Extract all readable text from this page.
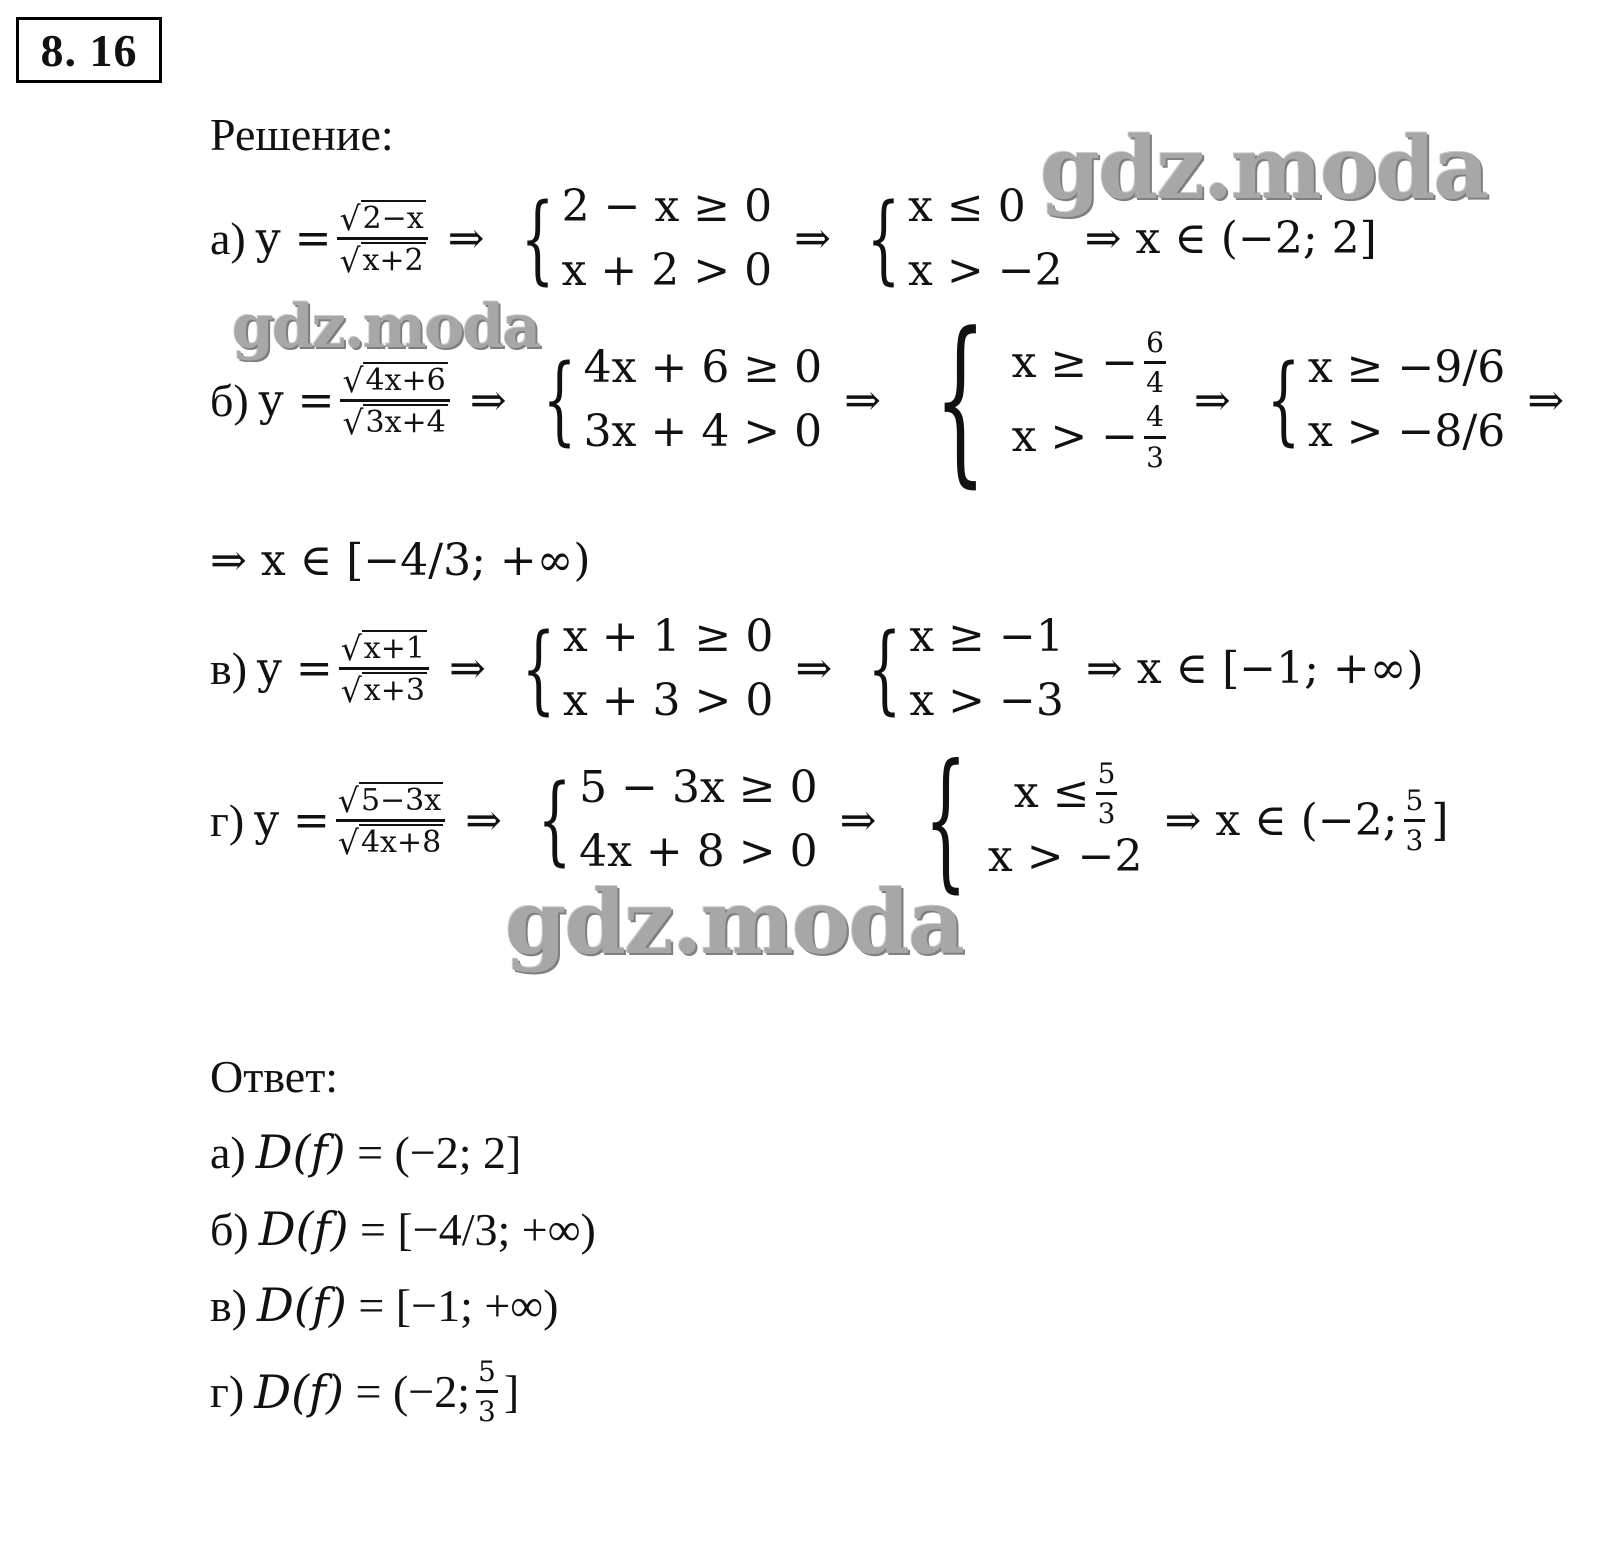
8. 16
Решение:	gdz.moda
gdz.moda
gdz.moda
а) $y = \frac{√ 2-x}{√ x+2}$ ⇒ { 2 − x ≥ 0
x + 2 > 0
⇒ { x ≤ 0
x > −2
⇒ x ∈ (−2; 2]
б) $y = \frac{√ 4x+6}{√ 3x+4}$ ⇒ { 4x + 6 ≥ 0
3x + 4 > 0
⇒ { x ≥ − $\frac{6}{4}$
x > − $\frac{4}{3}$ ⇒ { x ≥ −9/6
x > −8/6
⇒
⇒ x ∈ [−4/3; +∞)
в) $y = \frac{√ x+1}{√ x+3}$ ⇒ { x + 1 ≥ 0
x + 3 > 0
⇒ { x ≥ −1
x > −3
⇒ x ∈ [−1; +∞)
г) $y = \frac{√ 5-3x}{√ 4x+8}$ ⇒ { 5 − 3x ≥ 0
4x + 8 > 0
⇒ { $x \le \frac{5}{3}$
x > −2
⇒ x ∈ (−2; $\frac{5}{3}$ ]
Ответ:
а) D(f)
= (−2; 2]
б) D(f)
= [−4/3; +∞)
в) D(f)
= [−1; +∞)
г) D(f)
= (−2; $\frac{5}{3}$ ]
